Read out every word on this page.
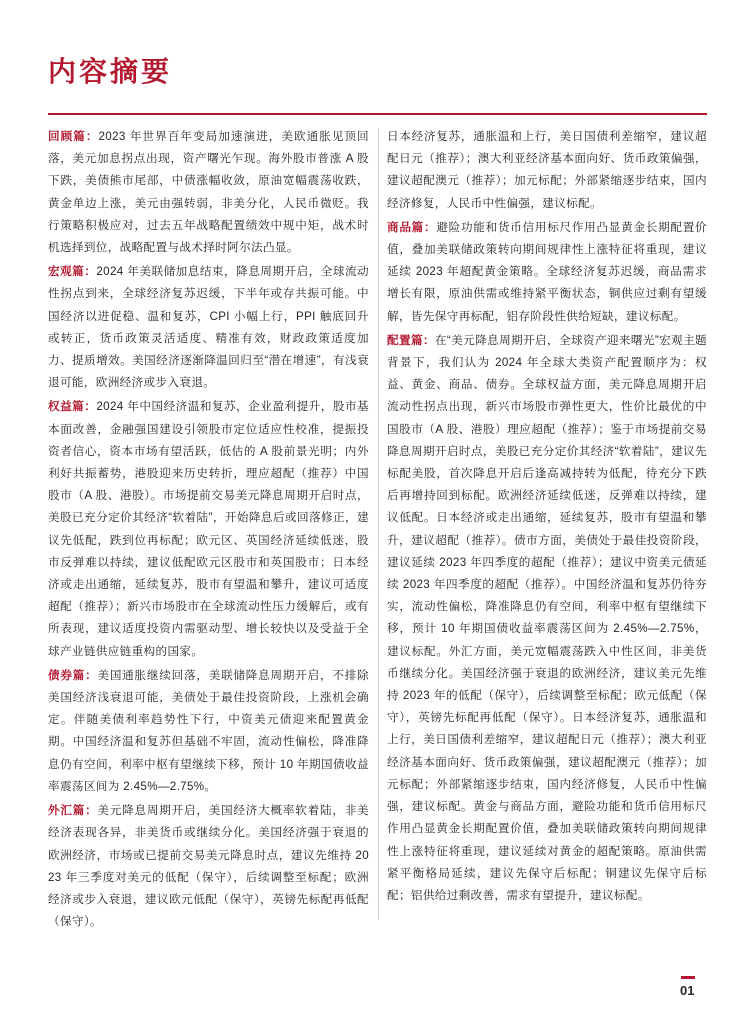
内容摘要

回顾篇：2023 年世界百年变局加速演进，美欧通胀见顶回落，美元加息拐点出现，资产曙光乍现。海外股市普涨 A 股下跌，美债熊市尾部，中债涨幅收敛，原油宽幅震荡收跌，黄金单边上涨，美元由强转弱，非美分化，人民币微贬。我行策略积极应对，过去五年战略配置绩效中规中矩，战术时机选择到位，战略配置与战术择时阿尔法凸显。

宏观篇：2024 年美联储加息结束，降息周期开启，全球流动性拐点到来，全球经济复苏迟缓，下半年或存共振可能。中国经济以进促稳、温和复苏，CPI 小幅上行，PPI 触底回升或转正，货币政策灵活适度、精准有效，财政政策适度加力、提质增效。美国经济逐渐降温回归至“潜在增速”，有浅衰退可能，欧洲经济或步入衰退。

权益篇：2024 年中国经济温和复苏，企业盈利提升，股市基本面改善，金融强国建设引领股市定位适应性校准，提振投资者信心，资本市场有望活跃，低估的 A 股前景光明；内外利好共振蓄势，港股迎来历史转折，理应超配（推荐）中国股市（A 股、港股）。市场提前交易美元降息周期开启时点，美股已充分定价其经济“软着陆”，开始降息后或回落修正，建议先低配，跌到位再标配；欧元区、英国经济延续低迷，股市反弹难以持续，建议低配欧元区股市和英国股市；日本经济或走出通缩，延续复苏，股市有望温和攀升，建议可适度超配（推荐）；新兴市场股市在全球流动性压力缓解后，或有所表现，建议适度投资内需驱动型、增长较快以及受益于全球产业链供应链重构的国家。

债券篇：美国通胀继续回落，美联储降息周期开启，不排除美国经济浅衰退可能，美债处于最佳投资阶段，上涨机会确定。伴随美债利率趋势性下行，中资美元债迎来配置黄金期。中国经济温和复苏但基础不牢固，流动性偏松，降准降息仍有空间，利率中枢有望继续下移，预计 10 年期国债收益率震荡区间为 2.45%—2.75%。

外汇篇：美元降息周期开启，美国经济大概率软着陆，非美经济表现各异，非美货币或继续分化。美国经济强于衰退的欧洲经济，市场或已提前交易美元降息时点，建议先维持 2023 年三季度对美元的低配（保守），后续调整至标配；欧洲经济或步入衰退，建议欧元低配（保守），英镑先标配再低配（保守）。

日本经济复苏，通胀温和上行，美日国债利差缩窄，建议超配日元（推荐）；澳大利亚经济基本面向好、货币政策偏强，建议超配澳元（推荐）；加元标配；外部紧缩逐步结束，国内经济修复，人民币中性偏强，建议标配。

商品篇：避险功能和货币信用标尺作用凸显黄金长期配置价值，叠加美联储政策转向期间规律性上涨特征将重现，建议延续 2023 年超配黄金策略。全球经济复苏迟缓，商品需求增长有限，原油供需或维持紧平衡状态，铜供应过剩有望缓解，皆先保守再标配，铝存阶段性供给短缺，建议标配。

配置篇：在“美元降息周期开启，全球资产迎来曙光”宏观主题背景下，我们认为 2024 年全球大类资产配置顺序为：权益、黄金、商品、债券。全球权益方面，美元降息周期开启流动性拐点出现，新兴市场股市弹性更大，性价比最优的中国股市（A 股、港股）理应超配（推荐）；鉴于市场提前交易降息周期开启时点，美股已充分定价其经济“软着陆”，建议先标配美股，首次降息开启后逢高减持转为低配，待充分下跌后再增持回到标配。欧洲经济延续低迷，反弹难以持续，建议低配。日本经济或走出通缩，延续复苏，股市有望温和攀升，建议超配（推荐）。债市方面，美债处于最佳投资阶段，建议延续 2023 年四季度的超配（推荐）；建议中资美元债延续 2023 年四季度的超配（推荐）。中国经济温和复苏仍待夯实，流动性偏松，降准降息仍有空间，利率中枢有望继续下移，预计 10 年期国债收益率震荡区间为 2.45%—2.75%，建议标配。外汇方面，美元宽幅震荡跌入中性区间，非美货币继续分化。美国经济强于衰退的欧洲经济，建议美元先维持 2023 年的低配（保守），后续调整至标配；欧元低配（保守），英镑先标配再低配（保守）。日本经济复苏，通胀温和上行，美日国债利差缩窄，建议超配日元（推荐）；澳大利亚经济基本面向好、货币政策偏强，建议超配澳元（推荐）；加元标配；外部紧缩逐步结束，国内经济修复，人民币中性偏强，建议标配。黄金与商品方面，避险功能和货币信用标尺作用凸显黄金长期配置价值，叠加美联储政策转向期间规律性上涨特征将重现，建议延续对黄金的超配策略。原油供需紧平衡格局延续，建议先保守后标配；铜建议先保守后标配；铝供给过剩改善，需求有望提升，建议标配。

01
